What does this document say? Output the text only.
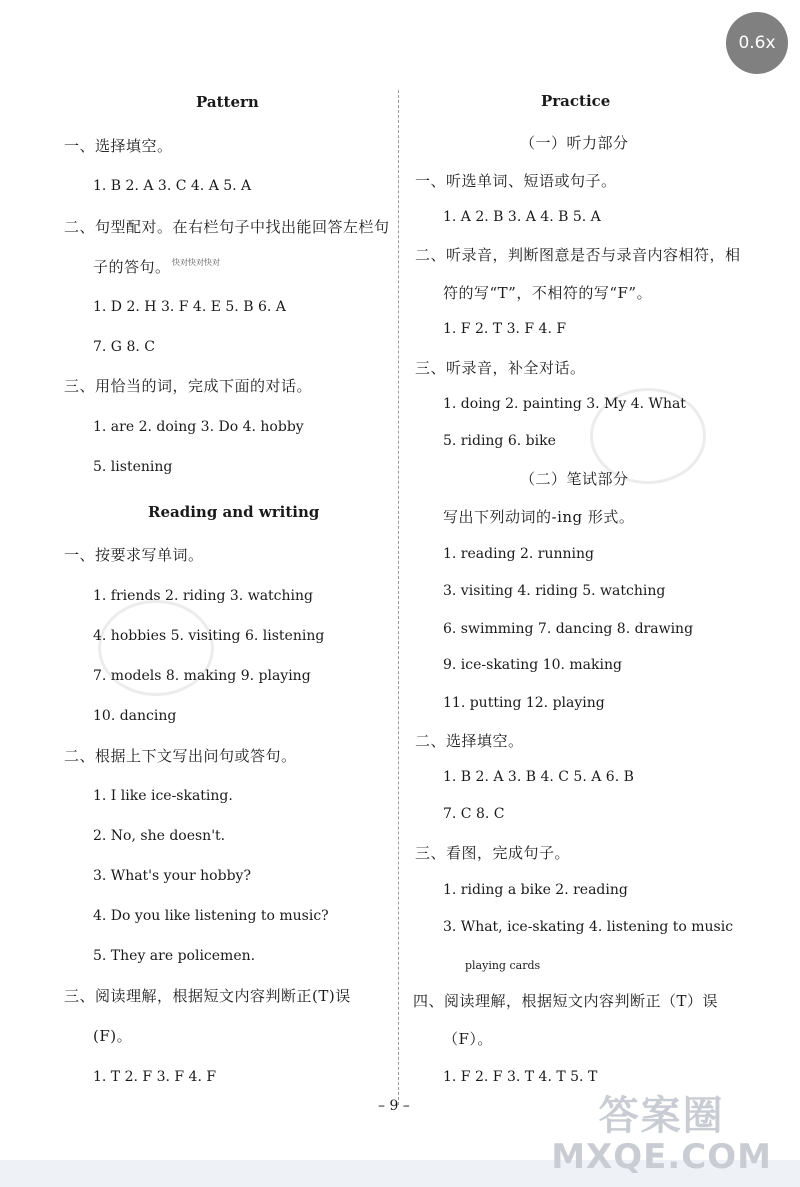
0.6x
Pattern
一、选择填空。
1. B 2. A 3. C 4. A 5. A
二、句型配对。在右栏句子中找出能回答左栏句
子的答句。 快对快对快对
1. D 2. H 3. F 4. E 5. B 6. A
7. G 8. C
三、用恰当的词，完成下面的对话。
1. are 2. doing 3. Do 4. hobby
5. listening
Reading and writing
一、按要求写单词。
1. friends 2. riding 3. watching
4. hobbies 5. visiting 6. listening
7. models 8. making 9. playing
10. dancing
二、根据上下文写出问句或答句。
1. I like ice-skating.
2. No, she doesn't.
3. What's your hobby?
4. Do you like listening to music?
5. They are policemen.
三、阅读理解，根据短文内容判断正(T)误
(F)。
1. T 2. F 3. F 4. F
Practice
（一）听力部分
一、听选单词、短语或句子。
1. A 2. B 3. A 4. B 5. A
二、听录音，判断图意是否与录音内容相符，相
符的写“T”，不相符的写“F”。
1. F 2. T 3. F 4. F
三、听录音，补全对话。
1. doing 2. painting 3. My 4. What
5. riding 6. bike
（二）笔试部分
写出下列动词的-ing 形式。
1. reading 2. running
3. visiting 4. riding 5. watching
6. swimming 7. dancing 8. drawing
9. ice-skating 10. making
11. putting 12. playing
二、选择填空。
1. B 2. A 3. B 4. C 5. A 6. B
7. C 8. C
三、看图，完成句子。
1. riding a bike 2. reading
3. What, ice-skating 4. listening to music
playing cards
四、阅读理解，根据短文内容判断正（T）误
（F）。
1. F 2. F 3. T 4. T 5. T
– 9 –	答案圈
MXQE.COM
